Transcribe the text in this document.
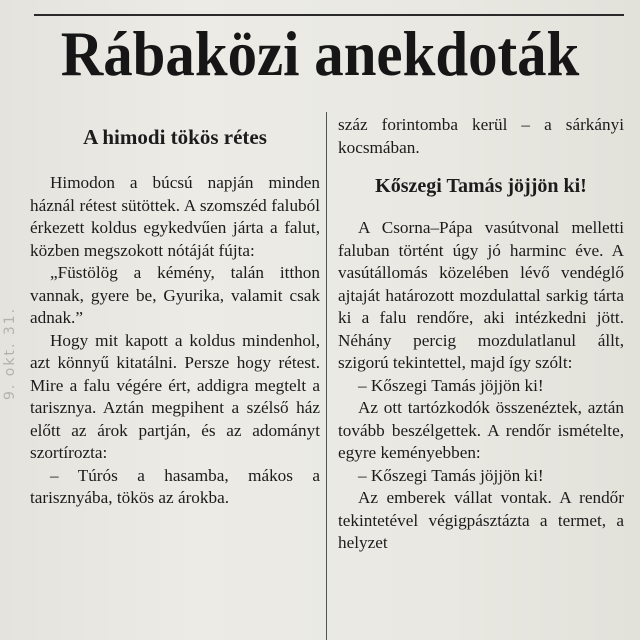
Rábaközi anekdoták
9. okt. 31.
A himodi tökös rétes

Himodon a búcsú napján minden háznál rétest sütöttek. A szomszéd faluból érkezett koldus egykedvűen járta a falut, közben megszokott nótáját fújta:

„Füstölög a kémény, talán itthon vannak, gyere be, Gyurika, valamit csak adnak.”

Hogy mit kapott a koldus mindenhol, azt könnyű kitatálni. Persze hogy rétest. Mire a falu végére ért, addigra megtelt a tarisznya. Aztán megpihent a szélső ház előtt az árok partján, és az adományt szortírozta:

– Túrós a hasamba, mákos a tarisznyába, tökös az árokba.

száz forintomba kerül – a sárkányi kocsmában.

Kőszegi Tamás jöjjön ki!

A Csorna–Pápa vasútvonal melletti faluban történt úgy jó harminc éve. A vasútállomás közelében lévő vendéglő ajtaját határozott mozdulattal sarkig tárta ki a falu rendőre, aki intézkedni jött. Néhány percig mozdulatlanul állt, szigorú tekintettel, majd így szólt:

– Kőszegi Tamás jöjjön ki!

Az ott tartózkodók összenéztek, aztán tovább beszélgettek. A rendőr ismételte, egyre keményebben:

– Kőszegi Tamás jöjjön ki!

Az emberek vállat vontak. A rendőr tekintetével végigpásztázta a termet, a helyzet
